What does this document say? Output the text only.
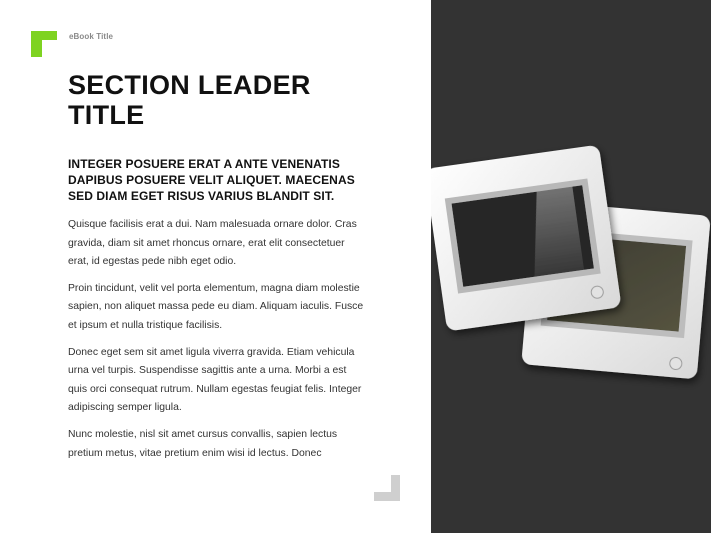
eBook Title
SECTION LEADER TITLE

INTEGER POSUERE ERAT A ANTE VENENATIS DAPIBUS POSUERE VELIT ALIQUET. MAECENAS SED DIAM EGET RISUS VARIUS BLANDIT SIT.

Quisque facilisis erat a dui. Nam malesuada ornare dolor. Cras gravida, diam sit amet rhoncus ornare, erat elit consectetuer erat, id egestas pede nibh eget odio.

Proin tincidunt, velit vel porta elementum, magna diam molestie sapien, non aliquet massa pede eu diam. Aliquam iaculis. Fusce et ipsum et nulla tristique facilisis.

Donec eget sem sit amet ligula viverra gravida. Etiam vehicula urna vel turpis. Suspendisse sagittis ante a urna. Morbi a est quis orci consequat rutrum. Nullam egestas feugiat felis. Integer adipiscing semper ligula.

Nunc molestie, nisl sit amet cursus convallis, sapien lectus pretium metus, vitae pretium enim wisi id lectus. Donec
